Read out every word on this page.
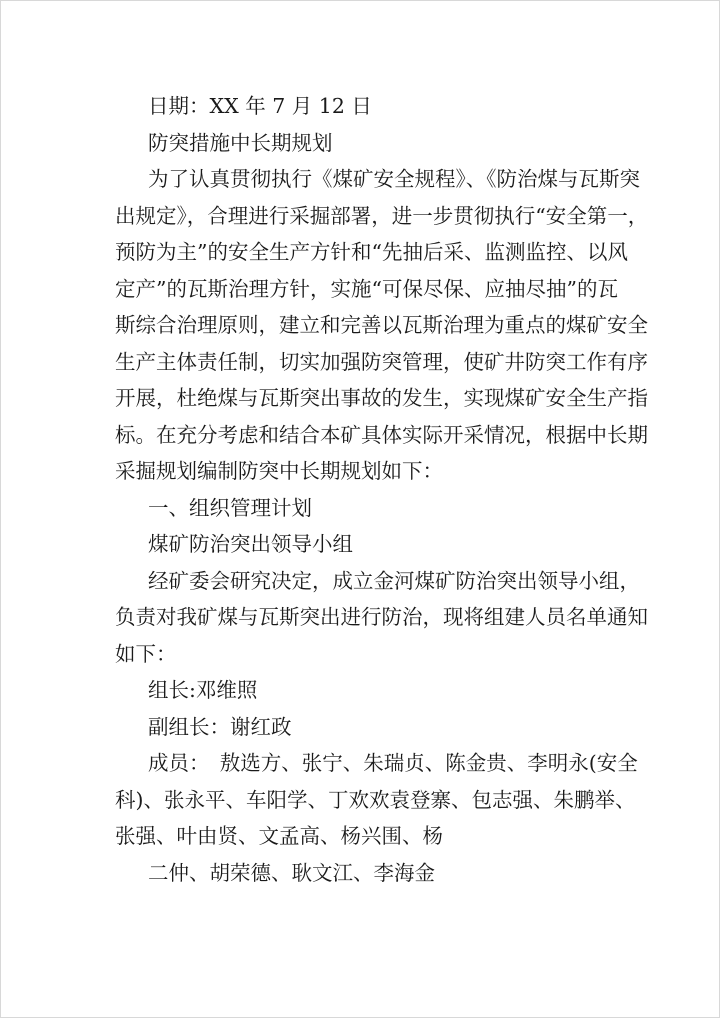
日期：XX 年 7 月 12 日
防突措施中长期规划
为了认真贯彻执行《煤矿安全规程》、《防治煤与瓦斯突
出规定》，合理进行采掘部署，进一步贯彻执行“安全第一，
预防为主”的安全生产方针和“先抽后采、监测监控、以风
定产”的瓦斯治理方针，实施“可保尽保、应抽尽抽”的瓦
斯综合治理原则，建立和完善以瓦斯治理为重点的煤矿安全
生产主体责任制，切实加强防突管理，使矿井防突工作有序
开展，杜绝煤与瓦斯突出事故的发生，实现煤矿安全生产指
标。在充分考虑和结合本矿具体实际开采情况，根据中长期
采掘规划编制防突中长期规划如下：
一、组织管理计划
煤矿防治突出领导小组
经矿委会研究决定，成立金河煤矿防治突出领导小组，
负责对我矿煤与瓦斯突出进行防治，现将组建人员名单通知
如下：
组长:邓维照
副组长：谢红政
成员：　敖选方、张宁、朱瑞贞、陈金贵、李明永(安全
科)、张永平、车阳学、丁欢欢袁登寨、包志强、朱鹏举、
张强、叶由贤、文孟高、杨兴围、杨
二仲、胡荣德、耿文江、李海金
